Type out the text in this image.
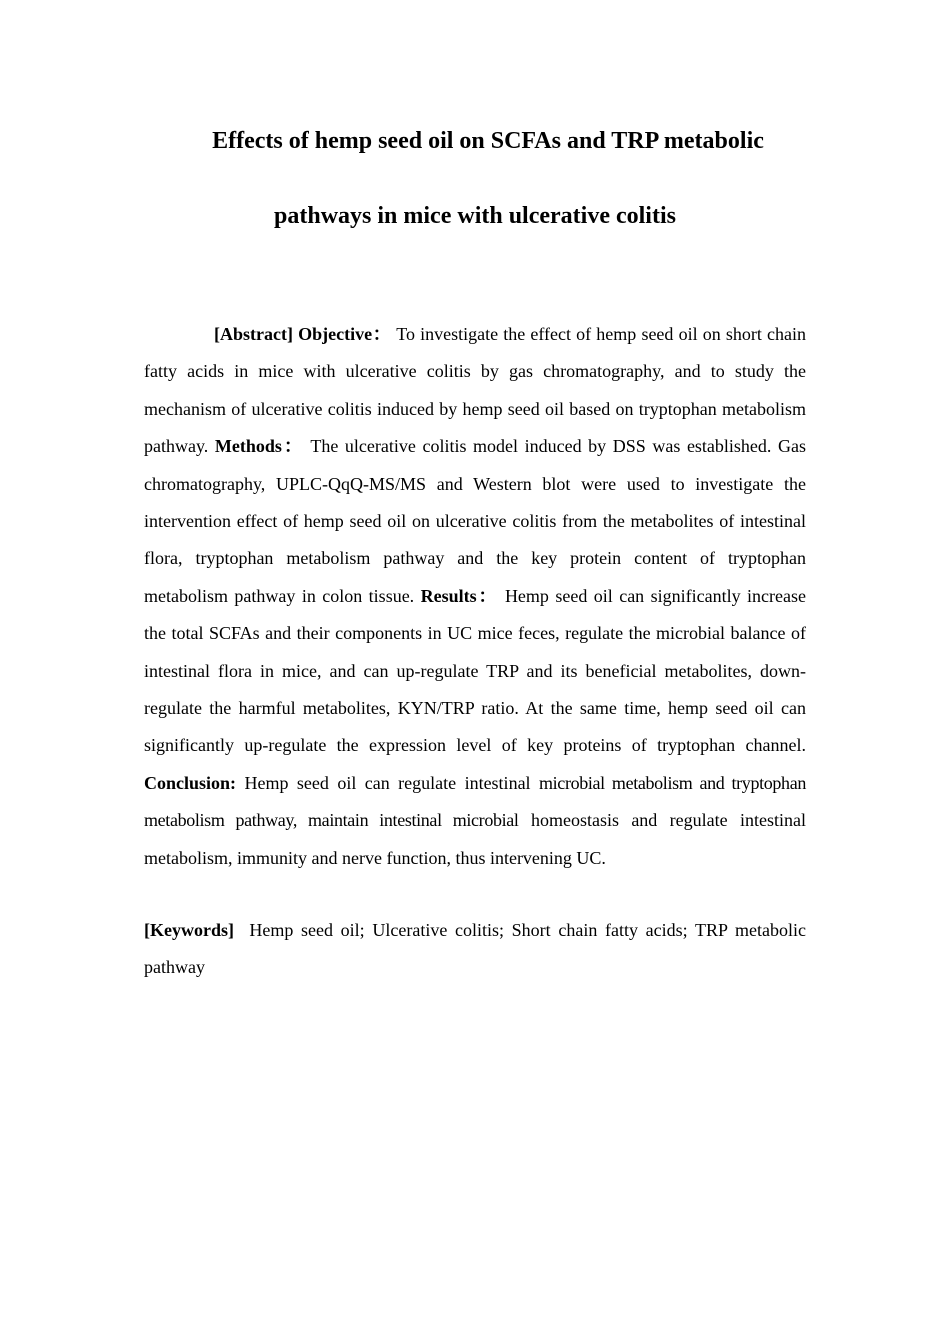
Effects of hemp seed oil on SCFAs and TRP metabolic
pathways in mice with ulcerative colitis

[Abstract] Objective： To investigate the effect of hemp seed oil on short chain fatty acids in mice with ulcerative colitis by gas chromatography, and to study the mechanism of ulcerative colitis induced by hemp seed oil based on tryptophan metabolism pathway. Methods： The ulcerative colitis model induced by DSS was established. Gas chromatography, UPLC-QqQ-MS/MS and Western blot were used to investigate the intervention effect of hemp seed oil on ulcerative colitis from the metabolites of intestinal flora, tryptophan metabolism pathway and the key protein content of tryptophan metabolism pathway in colon tissue. Results： Hemp seed oil can significantly increase the total SCFAs and their components in UC mice feces, regulate the microbial balance of intestinal flora in mice, and can up-regulate TRP and its beneficial metabolites, down-regulate the harmful metabolites, KYN/TRP ratio. At the same time, hemp seed oil can significantly up-regulate the expression level of key proteins of tryptophan channel. Conclusion: Hemp seed oil can regulate intestinal microbial metabolism and tryptophan metabolism pathway, maintain intestinal microbial homeostasis and regulate intestinal metabolism, immunity and nerve function, thus intervening UC.

[Keywords] Hemp seed oil; Ulcerative colitis; Short chain fatty acids; TRP metabolic pathway
